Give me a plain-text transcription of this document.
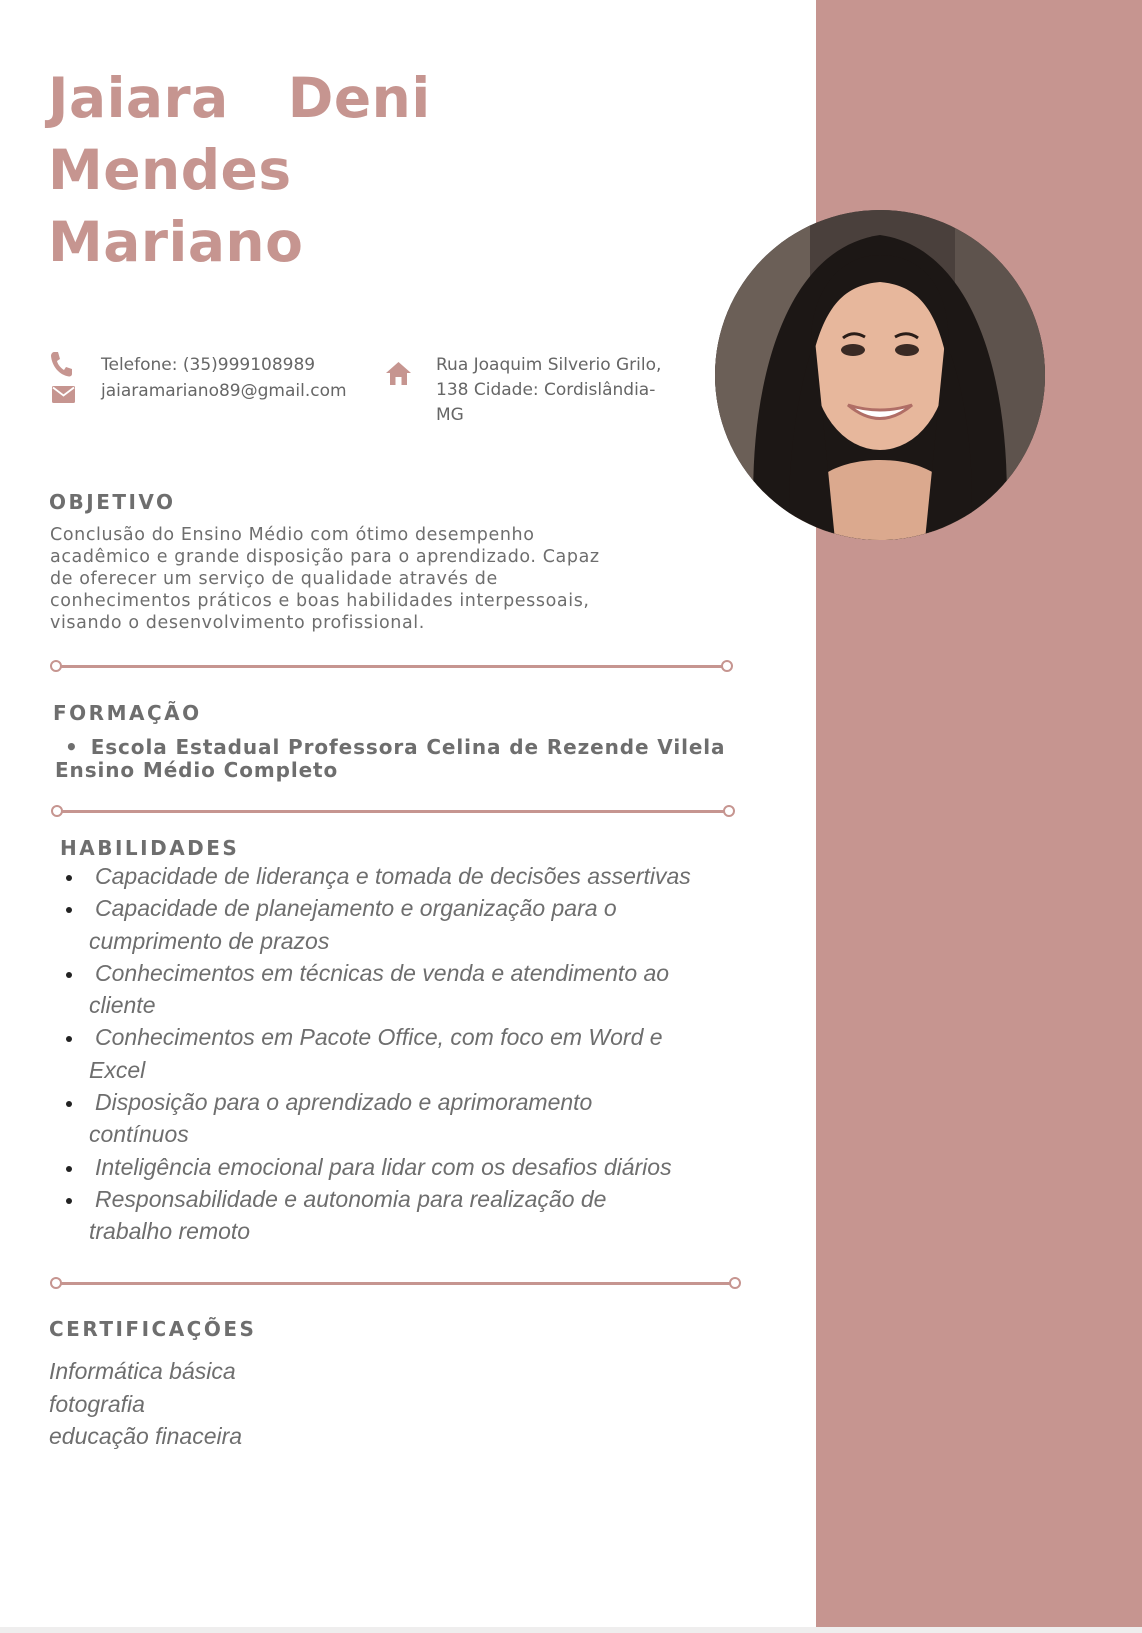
Jaiara   Deni
Mendes
Mariano
Telefone: (35)999108989
jaiaramariano89@gmail.com
Rua Joaquim Silverio Grilo,
138 Cidade: Cordislândia-
MG
OBJETIVO
Conclusão do Ensino Médio com ótimo desempenho
acadêmico e grande disposição para o aprendizado. Capaz
de oferecer um serviço de qualidade através de
conhecimentos práticos e boas habilidades interpessoais,
visando o desenvolvimento profissional.
FORMAÇÃO
• Escola Estadual Professora Celina de Rezende Vilela
Ensino Médio Completo
HABILIDADES
Capacidade de liderança e tomada de decisões assertivas
Capacidade de planejamento e organização para o
cumprimento de prazos
Conhecimentos em técnicas de venda e atendimento ao
cliente
Conhecimentos em Pacote Office, com foco em Word e
Excel
Disposição para o aprendizado e aprimoramento
contínuos
Inteligência emocional para lidar com os desafios diários
Responsabilidade e autonomia para realização de
trabalho remoto
CERTIFICAÇÕES
Informática básica
fotografia
educação finaceira
